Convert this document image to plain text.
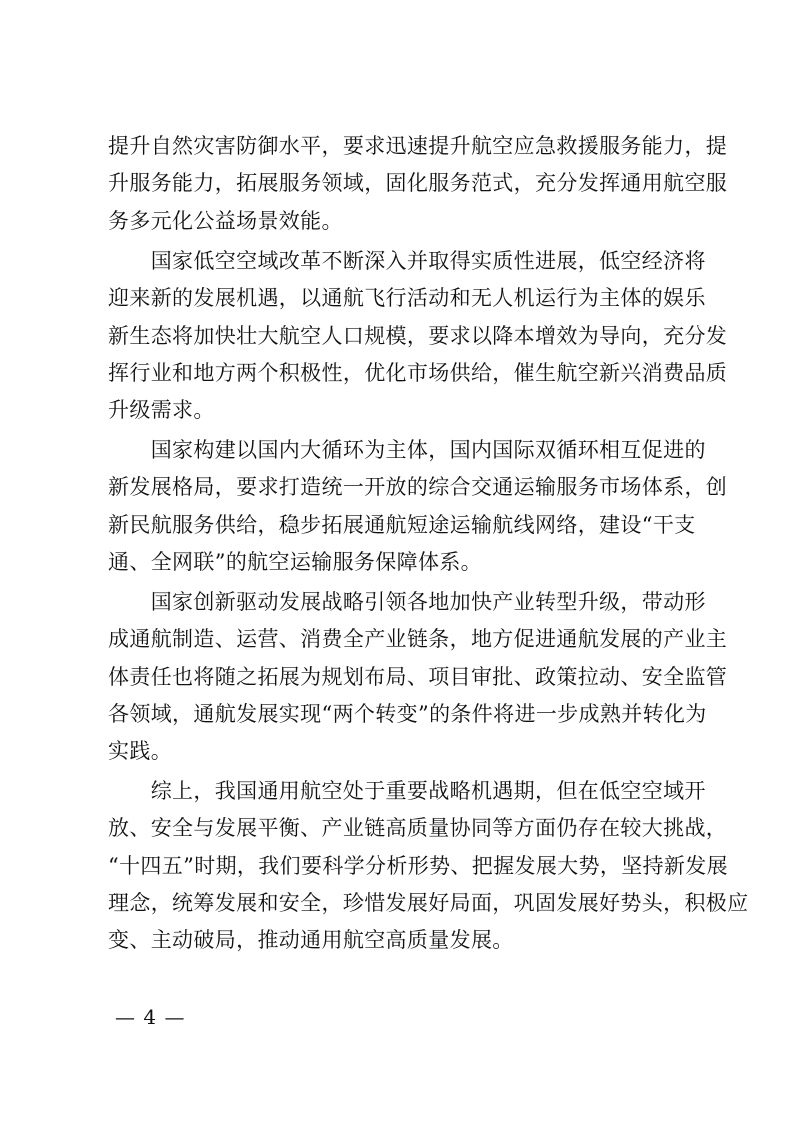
提升自然灾害防御水平，要求迅速提升航空应急救援服务能力，提
升服务能力，拓展服务领域，固化服务范式，充分发挥通用航空服
务多元化公益场景效能。
　　国家低空空域改革不断深入并取得实质性进展，低空经济将
迎来新的发展机遇，以通航飞行活动和无人机运行为主体的娱乐
新生态将加快壮大航空人口规模，要求以降本增效为导向，充分发
挥行业和地方两个积极性，优化市场供给，催生航空新兴消费品质
升级需求。
　　国家构建以国内大循环为主体，国内国际双循环相互促进的
新发展格局，要求打造统一开放的综合交通运输服务市场体系，创
新民航服务供给，稳步拓展通航短途运输航线网络，建设“干支
通、全网联”的航空运输服务保障体系。
　　国家创新驱动发展战略引领各地加快产业转型升级，带动形
成通航制造、运营、消费全产业链条，地方促进通航发展的产业主
体责任也将随之拓展为规划布局、项目审批、政策拉动、安全监管
各领域，通航发展实现“两个转变”的条件将进一步成熟并转化为
实践。
　　综上，我国通用航空处于重要战略机遇期，但在低空空域开
放、安全与发展平衡、产业链高质量协同等方面仍存在较大挑战，
“十四五”时期，我们要科学分析形势、把握发展大势，坚持新发展
理念，统筹发展和安全，珍惜发展好局面，巩固发展好势头，积极应
变、主动破局，推动通用航空高质量发展。
— 4 —
